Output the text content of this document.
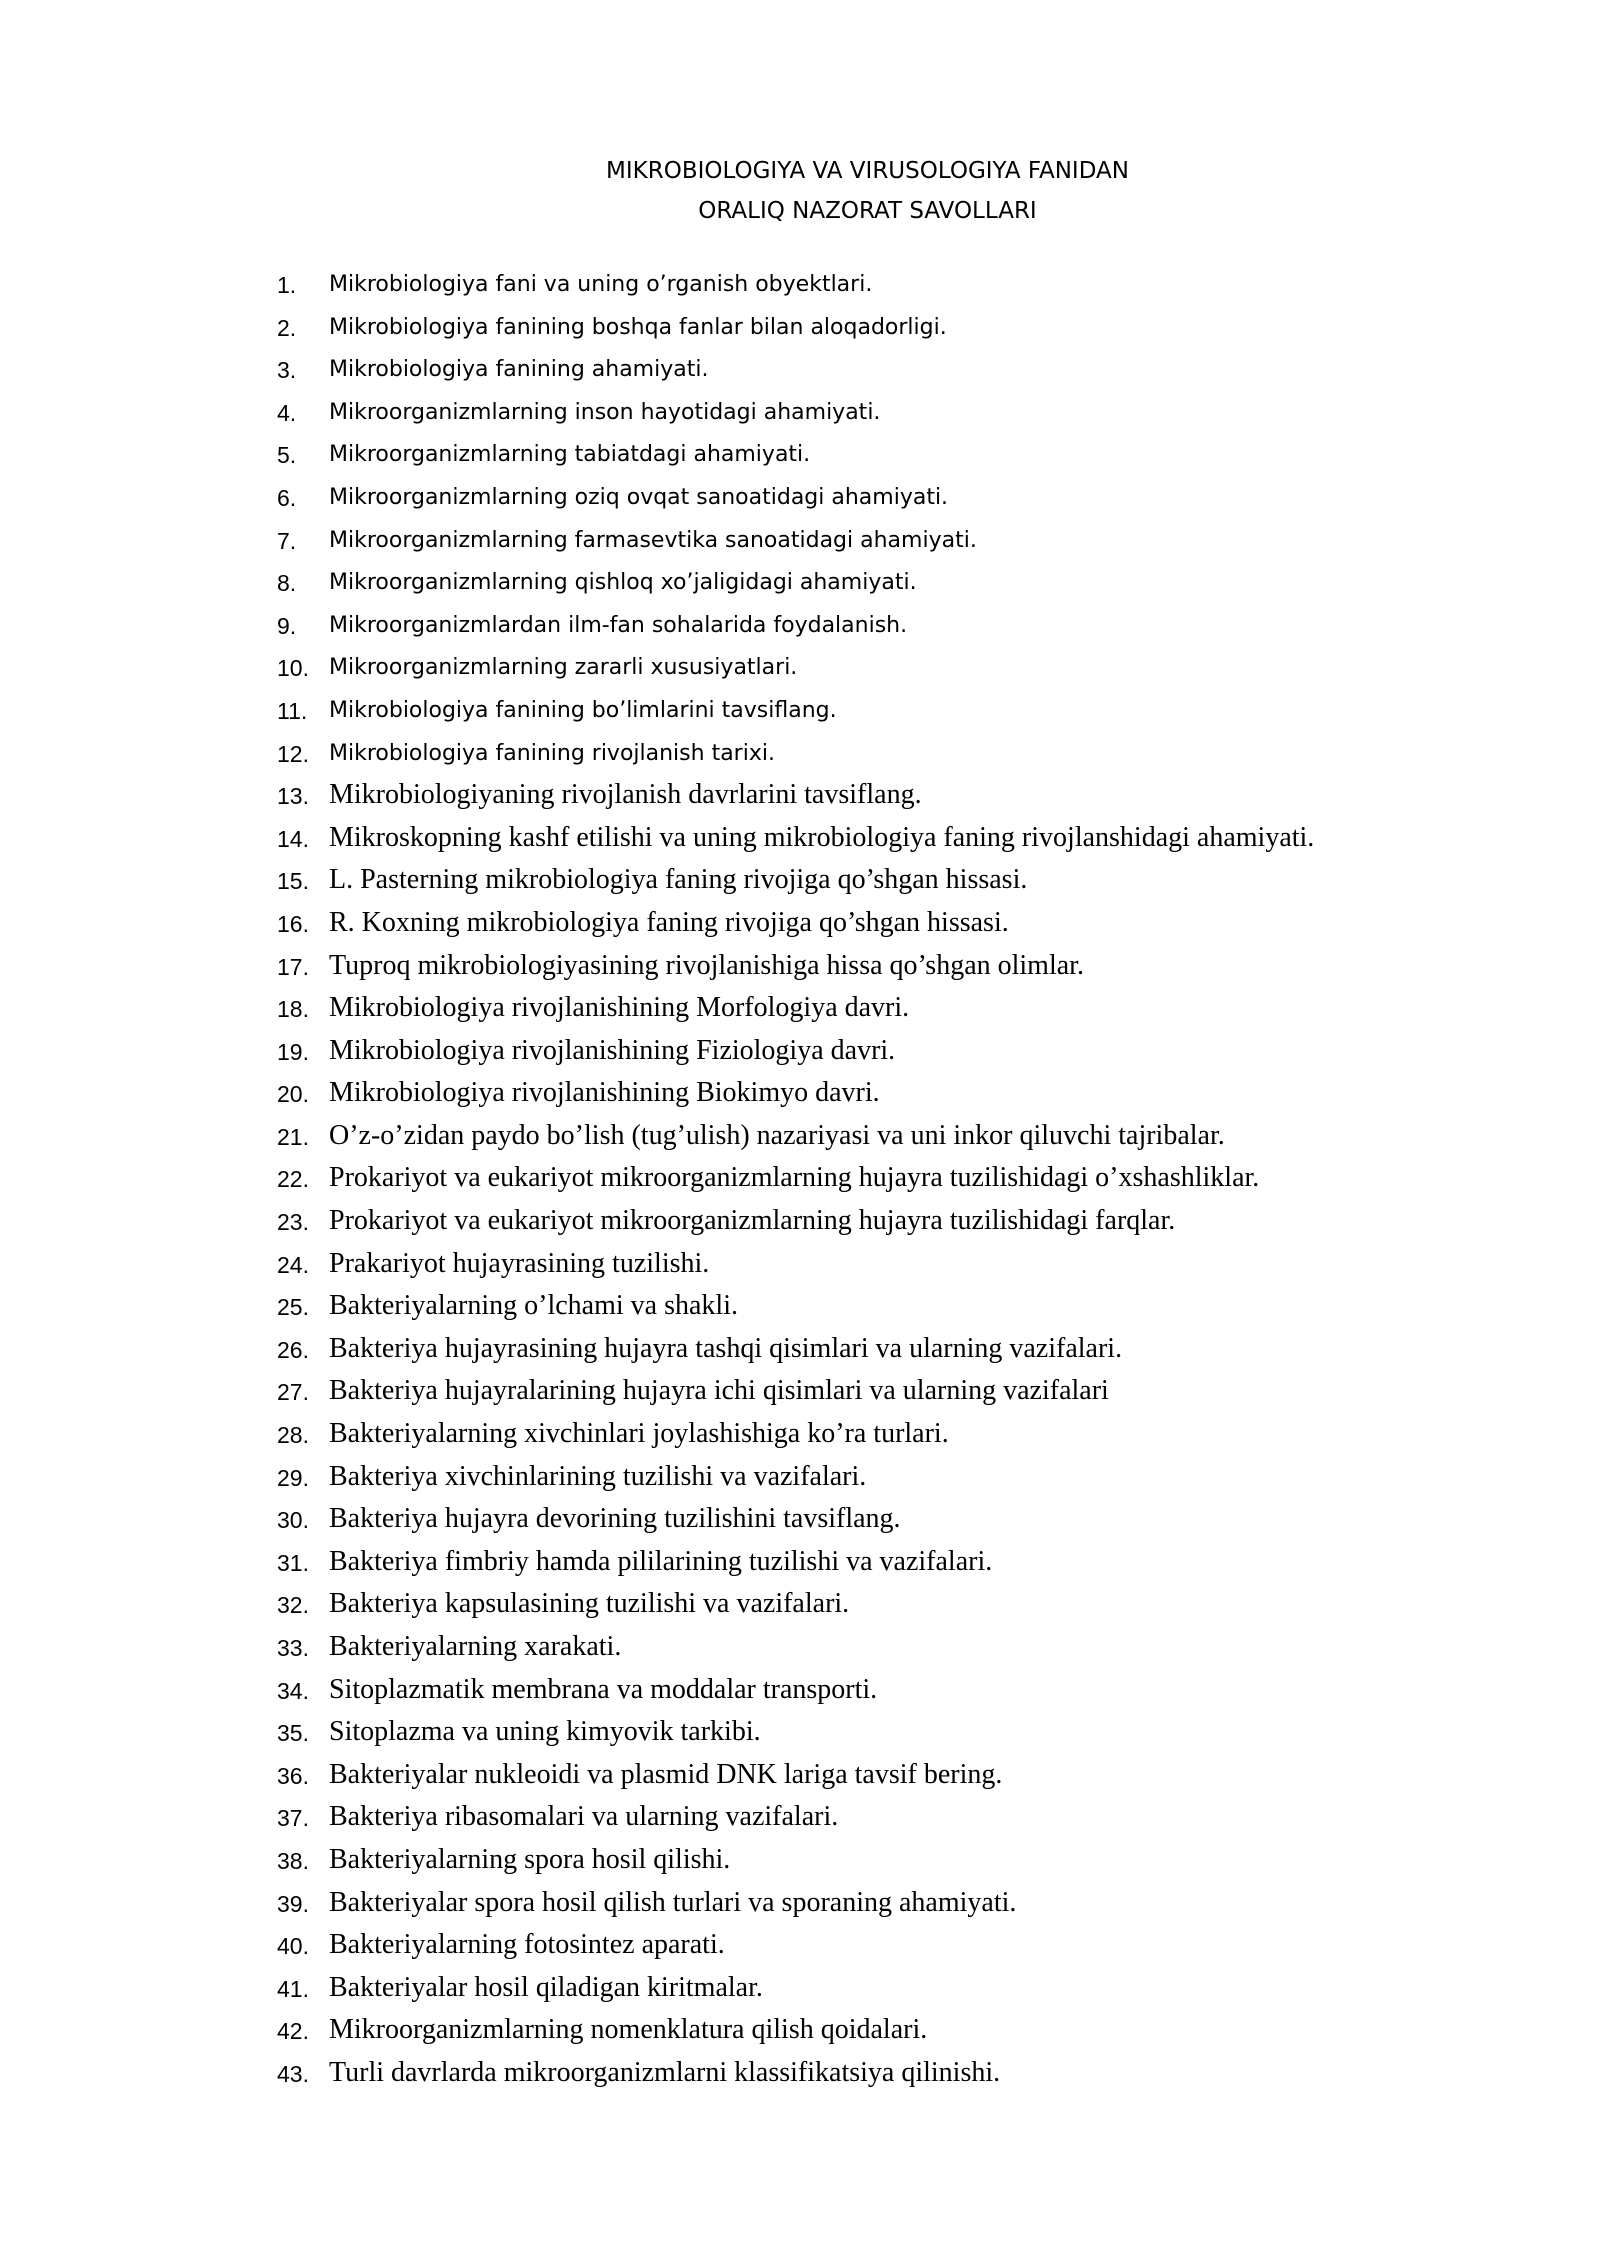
MIKROBIOLOGIYA VA VIRUSOLOGIYA FANIDAN
ORALIQ NAZORAT SAVOLLARI
1. Mikrobiologiya fani va uning o’rganish obyektlari.
2. Mikrobiologiya fanining boshqa fanlar bilan aloqadorligi.
3. Mikrobiologiya fanining ahamiyati.
4. Mikroorganizmlarning inson hayotidagi ahamiyati.
5. Mikroorganizmlarning tabiatdagi ahamiyati.
6. Mikroorganizmlarning oziq ovqat sanoatidagi ahamiyati.
7. Mikroorganizmlarning farmasevtika sanoatidagi ahamiyati.
8. Mikroorganizmlarning qishloq xo’jaligidagi ahamiyati.
9. Mikroorganizmlardan ilm-fan sohalarida foydalanish.
10. Mikroorganizmlarning zararli xususiyatlari.
11. Mikrobiologiya fanining bo’limlarini tavsiflang.
12. Mikrobiologiya fanining rivojlanish tarixi.
13. Mikrobiologiyaning rivojlanish davrlarini tavsiflang.
14. Mikroskopning kashf etilishi va uning mikrobiologiya faning rivojlanshidagi ahamiyati.
15. L. Pasterning mikrobiologiya faning rivojiga qo’shgan hissasi.
16. R. Koxning mikrobiologiya faning rivojiga qo’shgan hissasi.
17. Tuproq mikrobiologiyasining rivojlanishiga hissa qo’shgan olimlar.
18. Mikrobiologiya rivojlanishining Morfologiya davri.
19. Mikrobiologiya rivojlanishining Fiziologiya davri.
20. Mikrobiologiya rivojlanishining Biokimyo davri.
21. O’z-o’zidan paydo bo’lish (tug’ulish) nazariyasi va uni inkor qiluvchi tajribalar.
22. Prokariyot va eukariyot mikroorganizmlarning hujayra tuzilishidagi o’xshashliklar.
23. Prokariyot va eukariyot mikroorganizmlarning hujayra tuzilishidagi farqlar.
24. Prakariyot hujayrasining tuzilishi.
25. Bakteriyalarning o’lchami va shakli.
26. Bakteriya hujayrasining hujayra tashqi qisimlari va ularning vazifalari.
27. Bakteriya hujayralarining hujayra ichi qisimlari va ularning vazifalari
28. Bakteriyalarning xivchinlari joylashishiga ko’ra turlari.
29. Bakteriya xivchinlarining tuzilishi va vazifalari.
30. Bakteriya hujayra devorining tuzilishini tavsiflang.
31. Bakteriya fimbriy hamda pililarining tuzilishi va vazifalari.
32. Bakteriya kapsulasining tuzilishi va vazifalari.
33. Bakteriyalarning xarakati.
34. Sitoplazmatik membrana va moddalar transporti.
35. Sitoplazma va uning kimyovik tarkibi.
36. Bakteriyalar nukleoidi va plasmid DNK lariga tavsif bering.
37. Bakteriya ribasomalari va ularning vazifalari.
38. Bakteriyalarning spora hosil qilishi.
39. Bakteriyalar spora hosil qilish turlari va sporaning ahamiyati.
40. Bakteriyalarning fotosintez aparati.
41. Bakteriyalar hosil qiladigan kiritmalar.
42. Mikroorganizmlarning nomenklatura qilish qoidalari.
43. Turli davrlarda mikroorganizmlarni klassifikatsiya qilinishi.
